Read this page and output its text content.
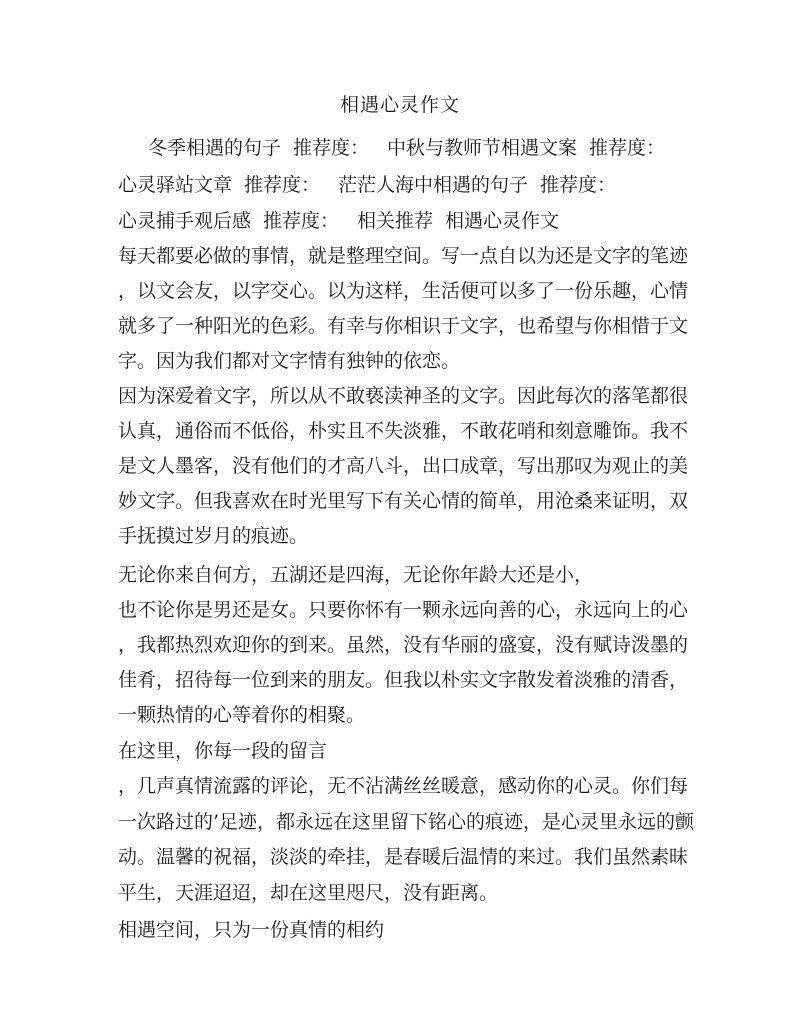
相遇心灵作文
冬季相遇的句子 推荐度： 中秋与教师节相遇文案 推荐度：
心灵驿站文章 推荐度： 茫茫人海中相遇的句子 推荐度：
心灵捕手观后感 推荐度： 相关推荐 相遇心灵作文
每天都要必做的事情，就是整理空间。写一点自以为还是文字的笔迹
，以文会友，以字交心。以为这样，生活便可以多了一份乐趣，心情
就多了一种阳光的色彩。有幸与你相识于文字，也希望与你相惜于文
字。因为我们都对文字情有独钟的依恋。
因为深爱着文字，所以从不敢亵渎神圣的文字。因此每次的落笔都很
认真，通俗而不低俗，朴实且不失淡雅，不敢花哨和刻意雕饰。我不
是文人墨客，没有他们的才高八斗，出口成章，写出那叹为观止的美
妙文字。但我喜欢在时光里写下有关心情的简单，用沧桑来证明，双
手抚摸过岁月的痕迹。
无论你来自何方，五湖还是四海，无论你年龄大还是小，
也不论你是男还是女。只要你怀有一颗永远向善的心，永远向上的心
，我都热烈欢迎你的到来。虽然，没有华丽的盛宴，没有赋诗泼墨的
佳肴，招待每一位到来的朋友。但我以朴实文字散发着淡雅的清香，
一颗热情的心等着你的相聚。
在这里，你每一段的留言
，几声真情流露的评论，无不沾满丝丝暖意，感动你的心灵。你们每
一次路过的’足迹，都永远在这里留下铭心的痕迹，是心灵里永远的颤
动。温馨的祝福，淡淡的牵挂，是春暖后温情的来过。我们虽然素昧
平生，天涯迢迢，却在这里咫尺，没有距离。
相遇空间，只为一份真情的相约
